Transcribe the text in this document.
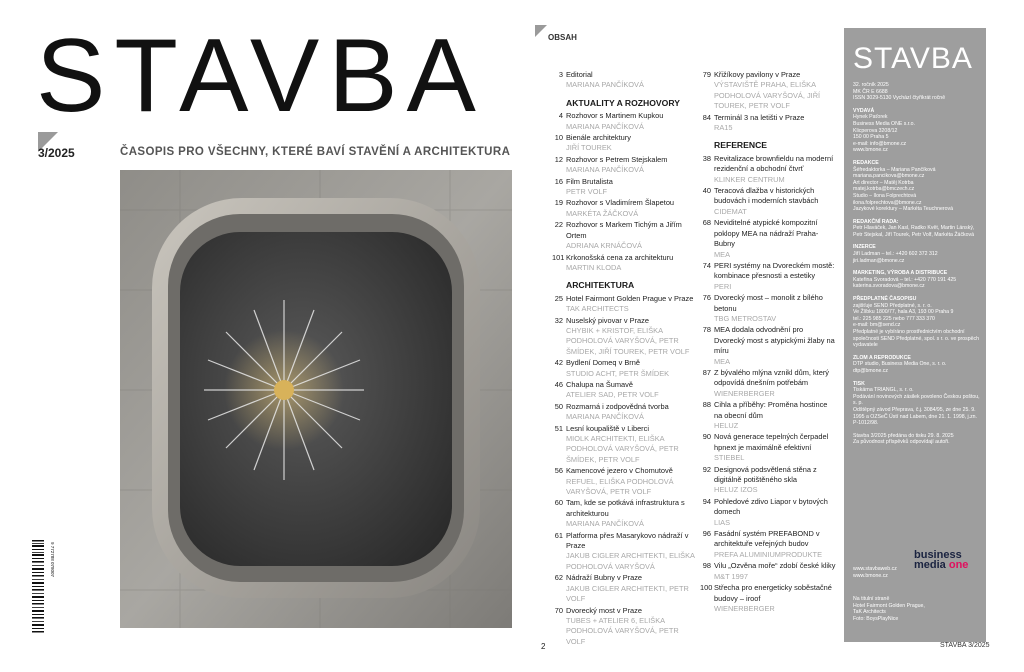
STAVBA
3/2025	ČASOPIS PRO VŠECHNY, KTERÉ BAVÍ STAVĚNÍ A ARCHITEKTURA
9 772788 078007
OBSAH
3 Editorial
MARIANA PANČÍKOVÁ
AKTUALITY A ROZHOVORY
4 Rozhovor s Martinem Kupkou
MARIANA PANČÍKOVÁ
10 Bienále architektury
JIŘÍ TOUREK
12 Rozhovor s Petrem Stejskalem
MARIANA PANČÍKOVÁ
16 Film Brutalista
PETR VOLF
19 Rozhovor s Vladimírem Šlapetou
MARKÉTA ŽÁČKOVÁ
22 Rozhovor s Markem Tichým a Jiřím Ortem
ADRIANA KRNÁČOVÁ
101 Krkonošská cena za architekturu
MARTIN KLODA
ARCHITEKTURA
25 Hotel Fairmont Golden Prague v Praze
TAK ARCHITECTS
32 Nuselský pivovar v Praze
CHYBIK + KRISTOF, ELIŠKA PODHOLOVÁ VARYŠOVÁ, PETR ŠMÍDEK, JIŘÍ TOUREK, PETR VOLF
42 Bydlení Domeq v Brně
STUDIO ACHT, PETR ŠMÍDEK
46 Chalupa na Šumavě
ATELIER SAD, PETR VOLF
50 Rozmarná i zodpovědná tvorba
MARIANA PANČÍKOVÁ
51 Lesní koupaliště v Liberci
MIOLK ARCHITEKTI, ELIŠKA PODHOLOVÁ VARYŠOVÁ, PETR ŠMÍDEK, PETR VOLF
56 Kamencové jezero v Chomutově
REFUEL, ELIŠKA PODHOLOVÁ VARYŠOVÁ, PETR VOLF
60 Tam, kde se potkává infrastruktura s architekturou
MARIANA PANČÍKOVÁ
61 Platforma přes Masarykovo nádraží v Praze
JAKUB CIGLER ARCHITEKTI, ELIŠKA PODHOLOVÁ VARYŠOVÁ
62 Nádraží Bubny v Praze
JAKUB CIGLER ARCHITEKTI, PETR VOLF
70 Dvorecký most v Praze
TUBES + ATELIER 6, ELIŠKA PODHOLOVÁ VARYŠOVÁ, PETR VOLF
79 Křižíkovy pavilony v Praze
VÝSTAVIŠTĚ PRAHA, ELIŠKA PODHOLOVÁ VARYŠOVÁ, JIŘÍ TOUREK, PETR VOLF
84 Terminál 3 na letišti v Praze
RA15
REFERENCE
38 Revitalizace brownfieldu na moderní rezidenční a obchodní čtvrť
KLINKER CENTRUM
40 Teracová dlažba v historických budovách i moderních stavbách
CIDEMAT
68 Neviditelné atypické kompozitní poklopy MEA na nádraží Praha-Bubny
MEA
74 PERI systémy na Dvoreckém mostě: kombinace přesnosti a estetiky
PERI
76 Dvorecký most – monolit z bílého betonu
TBG METROSTAV
78 MEA dodala odvodnění pro Dvorecký most s atypickými žlaby na míru
MEA
87 Z bývalého mlýna vznikl dům, který odpovídá dnešním potřebám
WIENERBERGER
88 Cihla a příběhy: Proměna hostince na obecní dům
HELUZ
90 Nová generace tepelných čerpadel hpnext je maximálně efektivní
STIEBEL
92 Designová podsvětlená stěna z digitálně potištěného skla
HELUZ IZOS
94 Pohledové zdivo Liapor v bytových domech
LIAS
96 Fasádní systém PREFABOND v architektuře veřejných budov
PREFA ALUMINIUMPRODUKTE
98 Vilu „Ozvěna moře“ zdobí české kliky
M&T 1997
100 Střecha pro energeticky soběstačné budovy – iroof
WIENERBERGER
2	STAVBA 3/2025
STAVBA
32. ročník 2025
MK ČR E 6688
ISSN 3029-5130 Vychází čtyřikrát ročně
VYDAVÁ
Hynek Paťorek
Business Media ONE s.r.o.
Klicperova 3208/12
150 00 Praha 5
e-mail: info@bmone.cz
www.bmone.cz
REDAKCE
Šéfredaktorka – Mariana Pančíková
mariana.pancikova@bmone.cz
Art director – Matěj Kotrba
matej.kotrba@bmczech.cz
Studio – Ilona Folprechtová
ilona.folprechtova@bmone.cz
Jazykové korektury – Markéta Teuchnerová
REDAKČNÍ RADA:
Petr Hlaváček, Jan Kasl, Radko Květ, Martin Lánský, Petr Stejskal, Jiří Tourek, Petr Volf, Markéta Žáčková
INZERCE
Jiří Ladman – tel.: +420 602 372 312
jiri.ladman@bmone.cz
MARKETING, VÝROBA A DISTRIBUCE
Kateřina Svoradová – tel.: +420 770 191 425
katerina.svoradova@bmone.cz
PŘEDPLATNÉ ČASOPISU
zajišťuje SEND Předplatné, s. r. o.
Ve Žlíbku 1800/77, hala A3, 193 00 Praha 9
tel.: 225 985 225 nebo 777 333 370
e-mail: bm@send.cz
Předplatné je vybíráno prostřednictvím obchodní společnosti SEND Předplatné, spol. s r. o. ve prospěch vydavatele
ZLOM A REPRODUKCE
DTP studio, Business Media One, s. r. o.
dtp@bmone.cz
TISK
Tiskárna TRIANGL, s. r. o.
Podávání novinových zásilek povoleno Českou poštou, s. p.
Odštěpný závod Přeprava, č.j. 3084/95, ze dne 25. 9. 1995 a OZSeČ Ústí nad Labem, dne 21. 1. 1998, j.zn. P-1012/98.
Stavba 3/2025 předána do tisku 29. 8. 2025
Za původnost příspěvků odpovídají autoři.
www.stavbaweb.cz
www.bmone.cz
business
media one
Na titulní straně
Hotel Fairmont Golden Prague,
TaK Architects
Foto: BoysPlayNice
